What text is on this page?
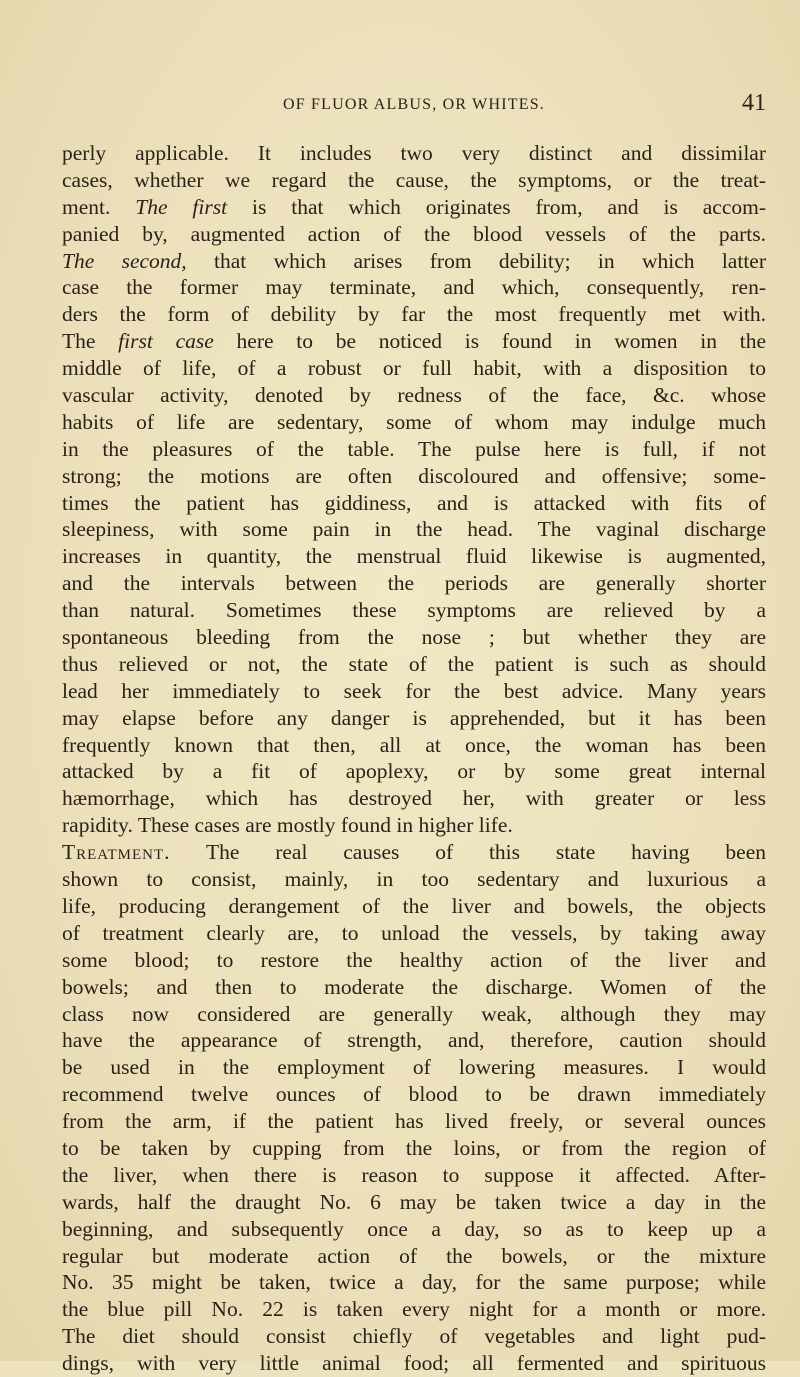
OF FLUOR ALBUS, OR WHITES.	41
perly applicable. It includes two very distinct and dissimilar
cases, whether we regard the cause, the symptoms, or the treat-
ment. The first is that which originates from, and is accom-
panied by, augmented action of the blood vessels of the parts.
The second, that which arises from debility; in which latter
case the former may terminate, and which, consequently, ren-
ders the form of debility by far the most frequently met with.
The first case here to be noticed is found in women in the
middle of life, of a robust or full habit, with a disposition to
vascular activity, denoted by redness of the face, &c. whose
habits of life are sedentary, some of whom may indulge much
in the pleasures of the table. The pulse here is full, if not
strong; the motions are often discoloured and offensive; some-
times the patient has giddiness, and is attacked with fits of
sleepiness, with some pain in the head. The vaginal discharge
increases in quantity, the menstrual fluid likewise is augmented,
and the intervals between the periods are generally shorter
than natural. Sometimes these symptoms are relieved by a
spontaneous bleeding from the nose ; but whether they are
thus relieved or not, the state of the patient is such as should
lead her immediately to seek for the best advice. Many years
may elapse before any danger is apprehended, but it has been
frequently known that then, all at once, the woman has been
attacked by a fit of apoplexy, or by some great internal
hæmorrhage, which has destroyed her, with greater or less
rapidity. These cases are mostly found in higher life.
Treatment. The real causes of this state having been
shown to consist, mainly, in too sedentary and luxurious a
life, producing derangement of the liver and bowels, the objects
of treatment clearly are, to unload the vessels, by taking away
some blood; to restore the healthy action of the liver and
bowels; and then to moderate the discharge. Women of the
class now considered are generally weak, although they may
have the appearance of strength, and, therefore, caution should
be used in the employment of lowering measures. I would
recommend twelve ounces of blood to be drawn immediately
from the arm, if the patient has lived freely, or several ounces
to be taken by cupping from the loins, or from the region of
the liver, when there is reason to suppose it affected. After-
wards, half the draught No. 6 may be taken twice a day in the
beginning, and subsequently once a day, so as to keep up a
regular but moderate action of the bowels, or the mixture
No. 35 might be taken, twice a day, for the same purpose; while
the blue pill No. 22 is taken every night for a month or more.
The diet should consist chiefly of vegetables and light pud-
dings, with very little animal food; all fermented and spirituous
